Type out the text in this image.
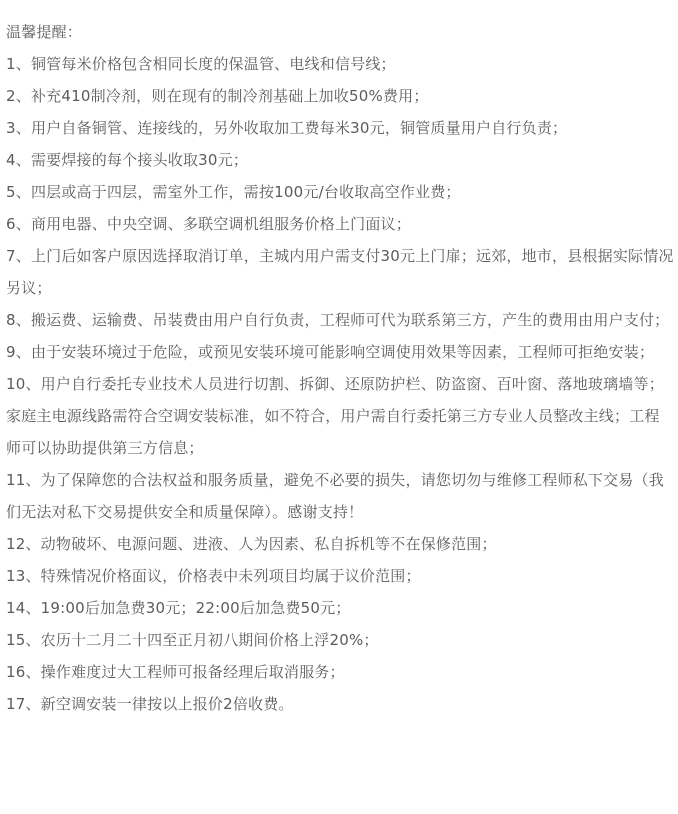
温馨提醒：

1、铜管每米价格包含相同长度的保温管、电线和信号线；
2、补充410制冷剂，则在现有的制冷剂基础上加收50%费用；
3、用户自备铜管、连接线的，另外收取加工费每米30元，铜管质量用户自行负责；
4、需要焊接的每个接头收取30元；
5、四层或高于四层，需室外工作，需按100元/台收取高空作业费；
6、商用电器、中央空调、多联空调机组服务价格上门面议；
7、上门后如客户原因选择取消订单，主城内用户需支付30元上门扉；远郊，地市，县根据实际情况另议；
8、搬运费、运输费、吊装费由用户自行负责，工程师可代为联系第三方，产生的费用由用户支付；
9、由于安装环境过于危险，或预见安装环境可能影响空调使用效果等因素，工程师可拒绝安装；
10、用户自行委托专业技术人员进行切割、拆御、还原防护栏、防盗窗、百叶窗、落地玻璃墙等；家庭主电源线路需符合空调安装标准，如不符合，用户需自行委托第三方专业人员整改主线；工程师可以协助提供第三方信息；
11、为了保障您的合法权益和服务质量，避免不必要的损失，请您切勿与维修工程师私下交易（我们无法对私下交易提供安全和质量保障）。感谢支持！
12、动物破坏、电源问题、进液、人为因素、私自拆机等不在保修范围；
13、特殊情况价格面议，价格表中未列项目均属于议价范围；
14、19:00后加急费30元；22:00后加急费50元；
15、农历十二月二十四至正月初八期间价格上浮20%；
16、操作难度过大工程师可报备经理后取消服务；
17、新空调安装一律按以上报价2倍收费。
